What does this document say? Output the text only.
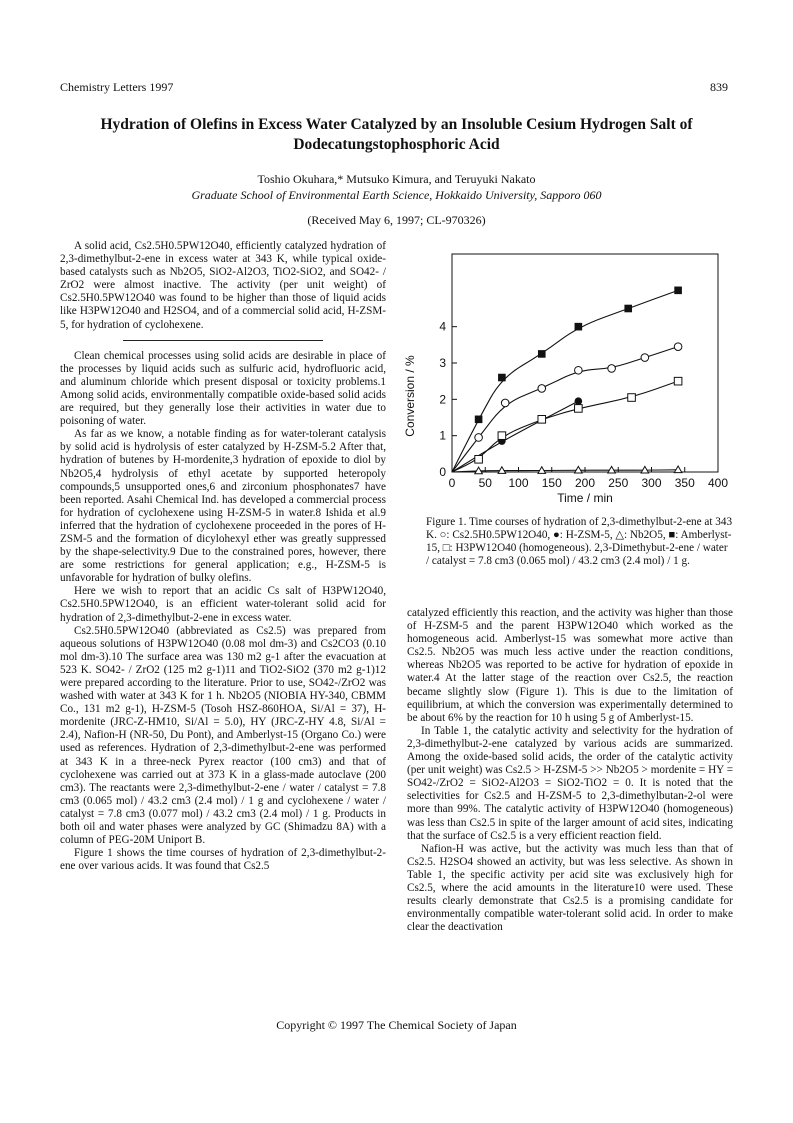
Chemistry Letters 1997	839
Hydration of Olefins in Excess Water Catalyzed by an Insoluble Cesium Hydrogen Salt of Dodecatungstophosphoric Acid
Toshio Okuhara,* Mutsuko Kimura, and Teruyuki Nakato
Graduate School of Environmental Earth Science, Hokkaido University, Sapporo 060
(Received May 6, 1997; CL-970326)

A solid acid, Cs2.5H0.5PW12O40, efficiently catalyzed hydration of 2,3-dimethylbut-2-ene in excess water at 343 K, while typical oxide-based catalysts such as Nb2O5, SiO2-Al2O3, TiO2-SiO2, and SO42- / ZrO2 were almost inactive. The activity (per unit weight) of Cs2.5H0.5PW12O40 was found to be higher than those of liquid acids like H3PW12O40 and H2SO4, and of a commercial solid acid, H-ZSM-5, for hydration of cyclohexene.

Clean chemical processes using solid acids are desirable in place of the processes by liquid acids such as sulfuric acid, hydrofluoric acid, and aluminum chloride which present disposal or toxicity problems.1 Among solid acids, environmentally compatible oxide-based solid acids are required, but they generally lose their activities in water due to poisoning of water.

As far as we know, a notable finding as for water-tolerant catalysis by solid acid is hydrolysis of ester catalyzed by H-ZSM-5.2 After that, hydration of butenes by H-mordenite,3 hydration of epoxide to diol by Nb2O5,4 hydrolysis of ethyl acetate by supported heteropoly compounds,5 unsupported ones,6 and zirconium phosphonates7 have been reported. Asahi Chemical Ind. has developed a commercial process for hydration of cyclohexene using H-ZSM-5 in water.8 Ishida et al.9 inferred that the hydration of cyclohexene proceeded in the pores of H-ZSM-5 and the formation of dicylohexyl ether was greatly suppressed by the shape-selectivity.9 Due to the constrained pores, however, there are some restrictions for general application; e.g., H-ZSM-5 is unfavorable for hydration of bulky olefins.

Here we wish to report that an acidic Cs salt of H3PW12O40, Cs2.5H0.5PW12O40, is an efficient water-tolerant solid acid for hydration of 2,3-dimethylbut-2-ene in excess water.

Cs2.5H0.5PW12O40 (abbreviated as Cs2.5) was prepared from aqueous solutions of H3PW12O40 (0.08 mol dm-3) and Cs2CO3 (0.10 mol dm-3).10 The surface area was 130 m2 g-1 after the evacuation at 523 K. SO42- / ZrO2 (125 m2 g-1)11 and TiO2-SiO2 (370 m2 g-1)12 were prepared according to the literature. Prior to use, SO42-/ZrO2 was washed with water at 343 K for 1 h. Nb2O5 (NIOBIA HY-340, CBMM Co., 131 m2 g-1), H-ZSM-5 (Tosoh HSZ-860HOA, Si/Al = 37), H-mordenite (JRC-Z-HM10, Si/Al = 5.0), HY (JRC-Z-HY 4.8, Si/Al = 2.4), Nafion-H (NR-50, Du Pont), and Amberlyst-15 (Organo Co.) were used as references. Hydration of 2,3-dimethylbut-2-ene was performed at 343 K in a three-neck Pyrex reactor (100 cm3) and that of cyclohexene was carried out at 373 K in a glass-made autoclave (200 cm3). The reactants were 2,3-dimethylbut-2-ene / water / catalyst = 7.8 cm3 (0.065 mol) / 43.2 cm3 (2.4 mol) / 1 g and cyclohexene / water / catalyst = 7.8 cm3 (0.077 mol) / 43.2 cm3 (2.4 mol) / 1 g. Products in both oil and water phases were analyzed by GC (Shimadzu 8A) with a column of PEG-20M Uniport B.

Figure 1 shows the time courses of hydration of 2,3-dimethylbut-2-ene over various acids. It was found that Cs2.5

0 50 100 150 200 250 300 350 400
0
1
2
3
4
Time / min
Conversion / %
Figure 1. Time courses of hydration of 2,3-dimethylbut-2-ene at 343 K. ○: Cs2.5H0.5PW12O40, ●: H-ZSM-5, △: Nb2O5, ■: Amberlyst-15, □: H3PW12O40 (homogeneous). 2,3-Dimethybut-2-ene / water / catalyst = 7.8 cm3 (0.065 mol) / 43.2 cm3 (2.4 mol) / 1 g.

catalyzed efficiently this reaction, and the activity was higher than those of H-ZSM-5 and the parent H3PW12O40 which worked as the homogeneous acid. Amberlyst-15 was somewhat more active than Cs2.5. Nb2O5 was much less active under the reaction conditions, whereas Nb2O5 was reported to be active for hydration of epoxide in water.4 At the latter stage of the reaction over Cs2.5, the reaction became slightly slow (Figure 1). This is due to the limitation of equilibrium, at which the conversion was experimentally determined to be about 6% by the reaction for 10 h using 5 g of Amberlyst-15.

In Table 1, the catalytic activity and selectivity for the hydration of 2,3-dimethylbut-2-ene catalyzed by various acids are summarized. Among the oxide-based solid acids, the order of the catalytic activity (per unit weight) was Cs2.5 > H-ZSM-5 >> Nb2O5 > mordenite = HY = SO42-/ZrO2 = SiO2-Al2O3 = SiO2-TiO2 = 0. It is noted that the selectivities for Cs2.5 and H-ZSM-5 to 2,3-dimethylbutan-2-ol were more than 99%. The catalytic activity of H3PW12O40 (homogeneous) was less than Cs2.5 in spite of the larger amount of acid sites, indicating that the surface of Cs2.5 is a very efficient reaction field.

Nafion-H was active, but the activity was much less than that of Cs2.5. H2SO4 showed an activity, but was less selective. As shown in Table 1, the specific activity per acid site was exclusively high for Cs2.5, where the acid amounts in the literature10 were used. These results clearly demonstrate that Cs2.5 is a promising candidate for environmentally compatible water-tolerant solid acid. In order to make clear the deactivation

Copyright © 1997 The Chemical Society of Japan
